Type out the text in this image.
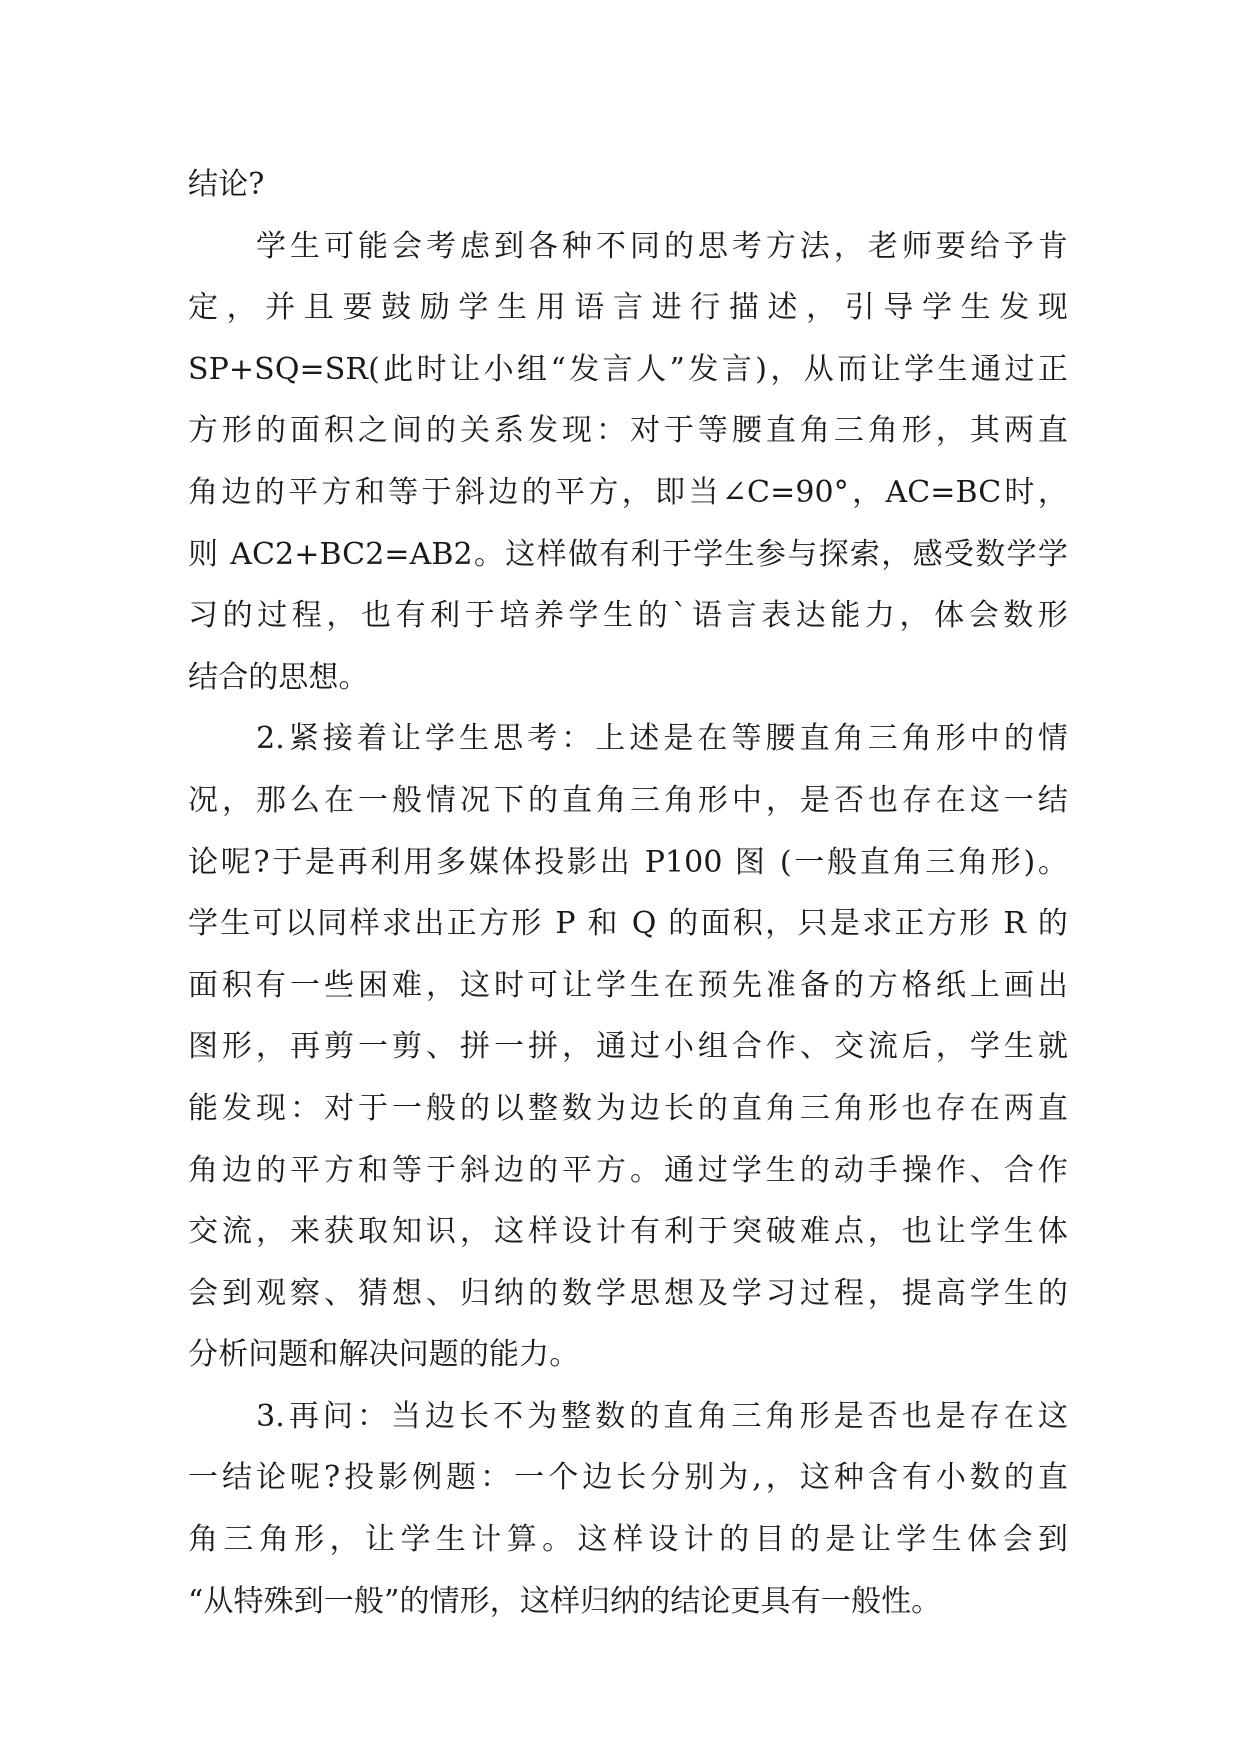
结论?
　　学生可能会考虑到各种不同的思考方法，老师要给予肯
定，并且要鼓励学生用语言进行描述，引导学生发现
SP+SQ=SR(此时让小组“发言人”发言)，从而让学生通过正
方形的面积之间的关系发现：对于等腰直角三角形，其两直
角边的平方和等于斜边的平方，即当∠C=90°，AC=BC时，
则 AC2+BC2=AB2。这样做有利于学生参与探索，感受数学学
习的过程，也有利于培养学生的`语言表达能力，体会数形
结合的思想。
　　2.紧接着让学生思考：上述是在等腰直角三角形中的情
况，那么在一般情况下的直角三角形中，是否也存在这一结
论呢?于是再利用多媒体投影出 P100 图 (一般直角三角形)。
学生可以同样求出正方形 P 和 Q 的面积，只是求正方形 R 的
面积有一些困难，这时可让学生在预先准备的方格纸上画出
图形，再剪一剪、拼一拼，通过小组合作、交流后，学生就
能发现：对于一般的以整数为边长的直角三角形也存在两直
角边的平方和等于斜边的平方。通过学生的动手操作、合作
交流，来获取知识，这样设计有利于突破难点，也让学生体
会到观察、猜想、归纳的数学思想及学习过程，提高学生的
分析问题和解决问题的能力。
　　3.再问：当边长不为整数的直角三角形是否也是存在这
一结论呢?投影例题：一个边长分别为,，这种含有小数的直
角三角形，让学生计算。这样设计的目的是让学生体会到
“从特殊到一般”的情形，这样归纳的结论更具有一般性。
